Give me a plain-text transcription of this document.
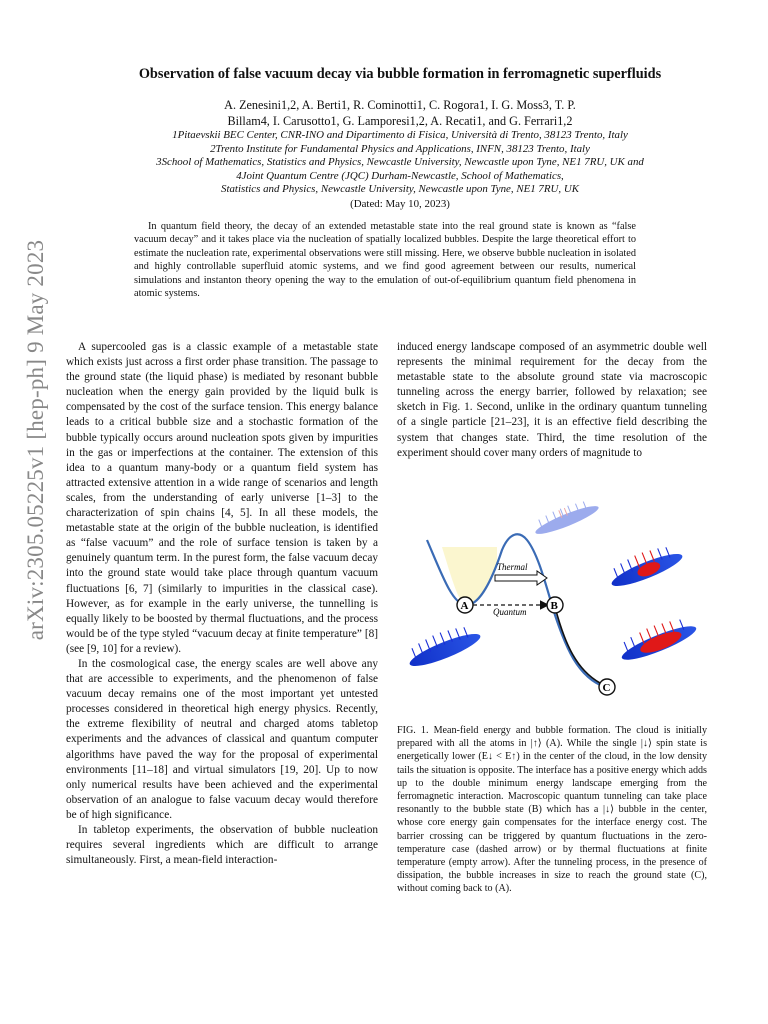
arXiv:2305.05225v1 [hep-ph] 9 May 2023
Observation of false vacuum decay via bubble formation in ferromagnetic superfluids
A. Zenesini1,2, A. Berti1, R. Cominotti1, C. Rogora1, I. G. Moss3, T. P.
Billam4, I. Carusotto1, G. Lamporesi1,2, A. Recati1, and G. Ferrari1,2
1Pitaevskii BEC Center, CNR-INO and Dipartimento di Fisica, Università di Trento, 38123 Trento, Italy
2Trento Institute for Fundamental Physics and Applications, INFN, 38123 Trento, Italy
3School of Mathematics, Statistics and Physics, Newcastle University, Newcastle upon Tyne, NE1 7RU, UK and
4Joint Quantum Centre (JQC) Durham-Newcastle, School of Mathematics,
Statistics and Physics, Newcastle University, Newcastle upon Tyne, NE1 7RU, UK
(Dated: May 10, 2023)
In quantum field theory, the decay of an extended metastable state into the real ground state is known as “false vacuum decay” and it takes place via the nucleation of spatially localized bubbles. Despite the large theoretical effort to estimate the nucleation rate, experimental observations were still missing. Here, we observe bubble nucleation in isolated and highly controllable superfluid atomic systems, and we find good agreement between our results, numerical simulations and instanton theory opening the way to the emulation of out-of-equilibrium quantum field phenomena in atomic systems.

A supercooled gas is a classic example of a metastable state which exists just across a first order phase transition. The passage to the ground state (the liquid phase) is mediated by resonant bubble nucleation when the energy gain provided by the liquid bulk is compensated by the cost of the surface tension. This energy balance leads to a critical bubble size and a stochastic formation of the bubble typically occurs around nucleation spots given by impurities in the gas or imperfections at the container. The extension of this idea to a quantum many-body or a quantum field system has attracted extensive attention in a wide range of scenarios and length scales, from the understanding of early universe [1–3] to the characterization of spin chains [4, 5]. In all these models, the metastable state at the origin of the bubble nucleation, is identified as “false vacuum” and the role of surface tension is taken by a genuinely quantum term. In the purest form, the false vacuum decay into the ground state would take place through quantum vacuum fluctuations [6, 7] (similarly to impurities in the classical case). However, as for example in the early universe, the tunnelling is equally likely to be boosted by thermal fluctuations, and the process would be of the type styled “vacuum decay at finite temperature” [8] (see [9, 10] for a review).

In the cosmological case, the energy scales are well above any that are accessible to experiments, and the phenomenon of false vacuum decay remains one of the most important yet untested processes considered in theoretical high energy physics. Recently, the extreme flexibility of neutral and charged atoms tabletop experiments and the advances of classical and quantum computer algorithms have paved the way for the proposal of experimental environments [11–18] and virtual simulators [19, 20]. Up to now only numerical results have been achieved and the experimental observation of an analogue to false vacuum decay would therefore be of high significance.

In tabletop experiments, the observation of bubble nucleation requires several ingredients which are difficult to arrange simultaneously. First, a mean-field interaction-

induced energy landscape composed of an asymmetric double well represents the minimal requirement for the decay from the metastable state to the absolute ground state via macroscopic tunneling across the energy barrier, followed by relaxation; see sketch in Fig. 1. Second, unlike in the ordinary quantum tunneling of a single particle [21–23], it is an effective field describing the system that changes state. Third, the time resolution of the experiment should cover many orders of magnitude to

Thermal
Quantum
A	B
C
FIG. 1. Mean-field energy and bubble formation. The cloud is initially prepared with all the atoms in |↑⟩ (A). While the single |↓⟩ spin state is energetically lower (E↓ < E↑) in the center of the cloud, in the low density tails the situation is opposite. The interface has a positive energy which adds up to the double minimum energy landscape emerging from the ferromagnetic interaction. Macroscopic quantum tunneling can take place resonantly to the bubble state (B) which has a |↓⟩ bubble in the center, whose core energy gain compensates for the interface energy cost. The barrier crossing can be triggered by quantum fluctuations in the zero-temperature case (dashed arrow) or by thermal fluctuations at finite temperature (empty arrow). After the tunneling process, in the presence of dissipation, the bubble increases in size to reach the ground state (C), without coming back to (A).
